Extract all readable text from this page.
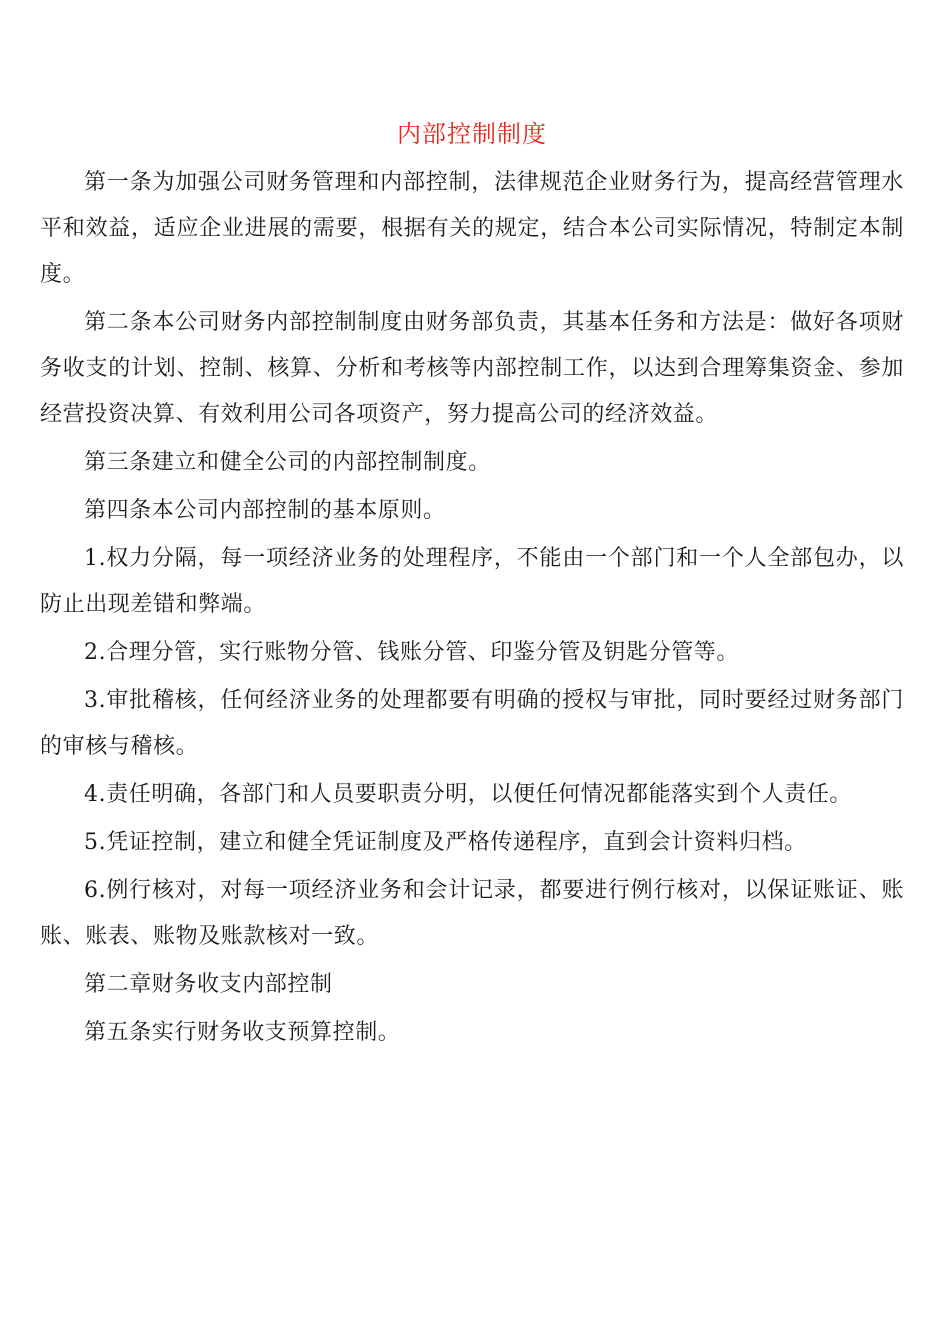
内部控制制度

第一条为加强公司财务管理和内部控制，法律规范企业财务行为，提高经营管理水平和效益，适应企业进展的需要，根据有关的规定，结合本公司实际情况，特制定本制度。

第二条本公司财务内部控制制度由财务部负责，其基本任务和方法是：做好各项财务收支的计划、控制、核算、分析和考核等内部控制工作，以达到合理筹集资金、参加经营投资决算、有效利用公司各项资产，努力提高公司的经济效益。

第三条建立和健全公司的内部控制制度。

第四条本公司内部控制的基本原则。

1.权力分隔，每一项经济业务的处理程序，不能由一个部门和一个人全部包办，以防止出现差错和弊端。

2.合理分管，实行账物分管、钱账分管、印鉴分管及钥匙分管等。

3.审批稽核，任何经济业务的处理都要有明确的授权与审批，同时要经过财务部门的审核与稽核。

4.责任明确，各部门和人员要职责分明，以便任何情况都能落实到个人责任。

5.凭证控制，建立和健全凭证制度及严格传递程序，直到会计资料归档。

6.例行核对，对每一项经济业务和会计记录，都要进行例行核对，以保证账证、账账、账表、账物及账款核对一致。

第二章财务收支内部控制

第五条实行财务收支预算控制。
